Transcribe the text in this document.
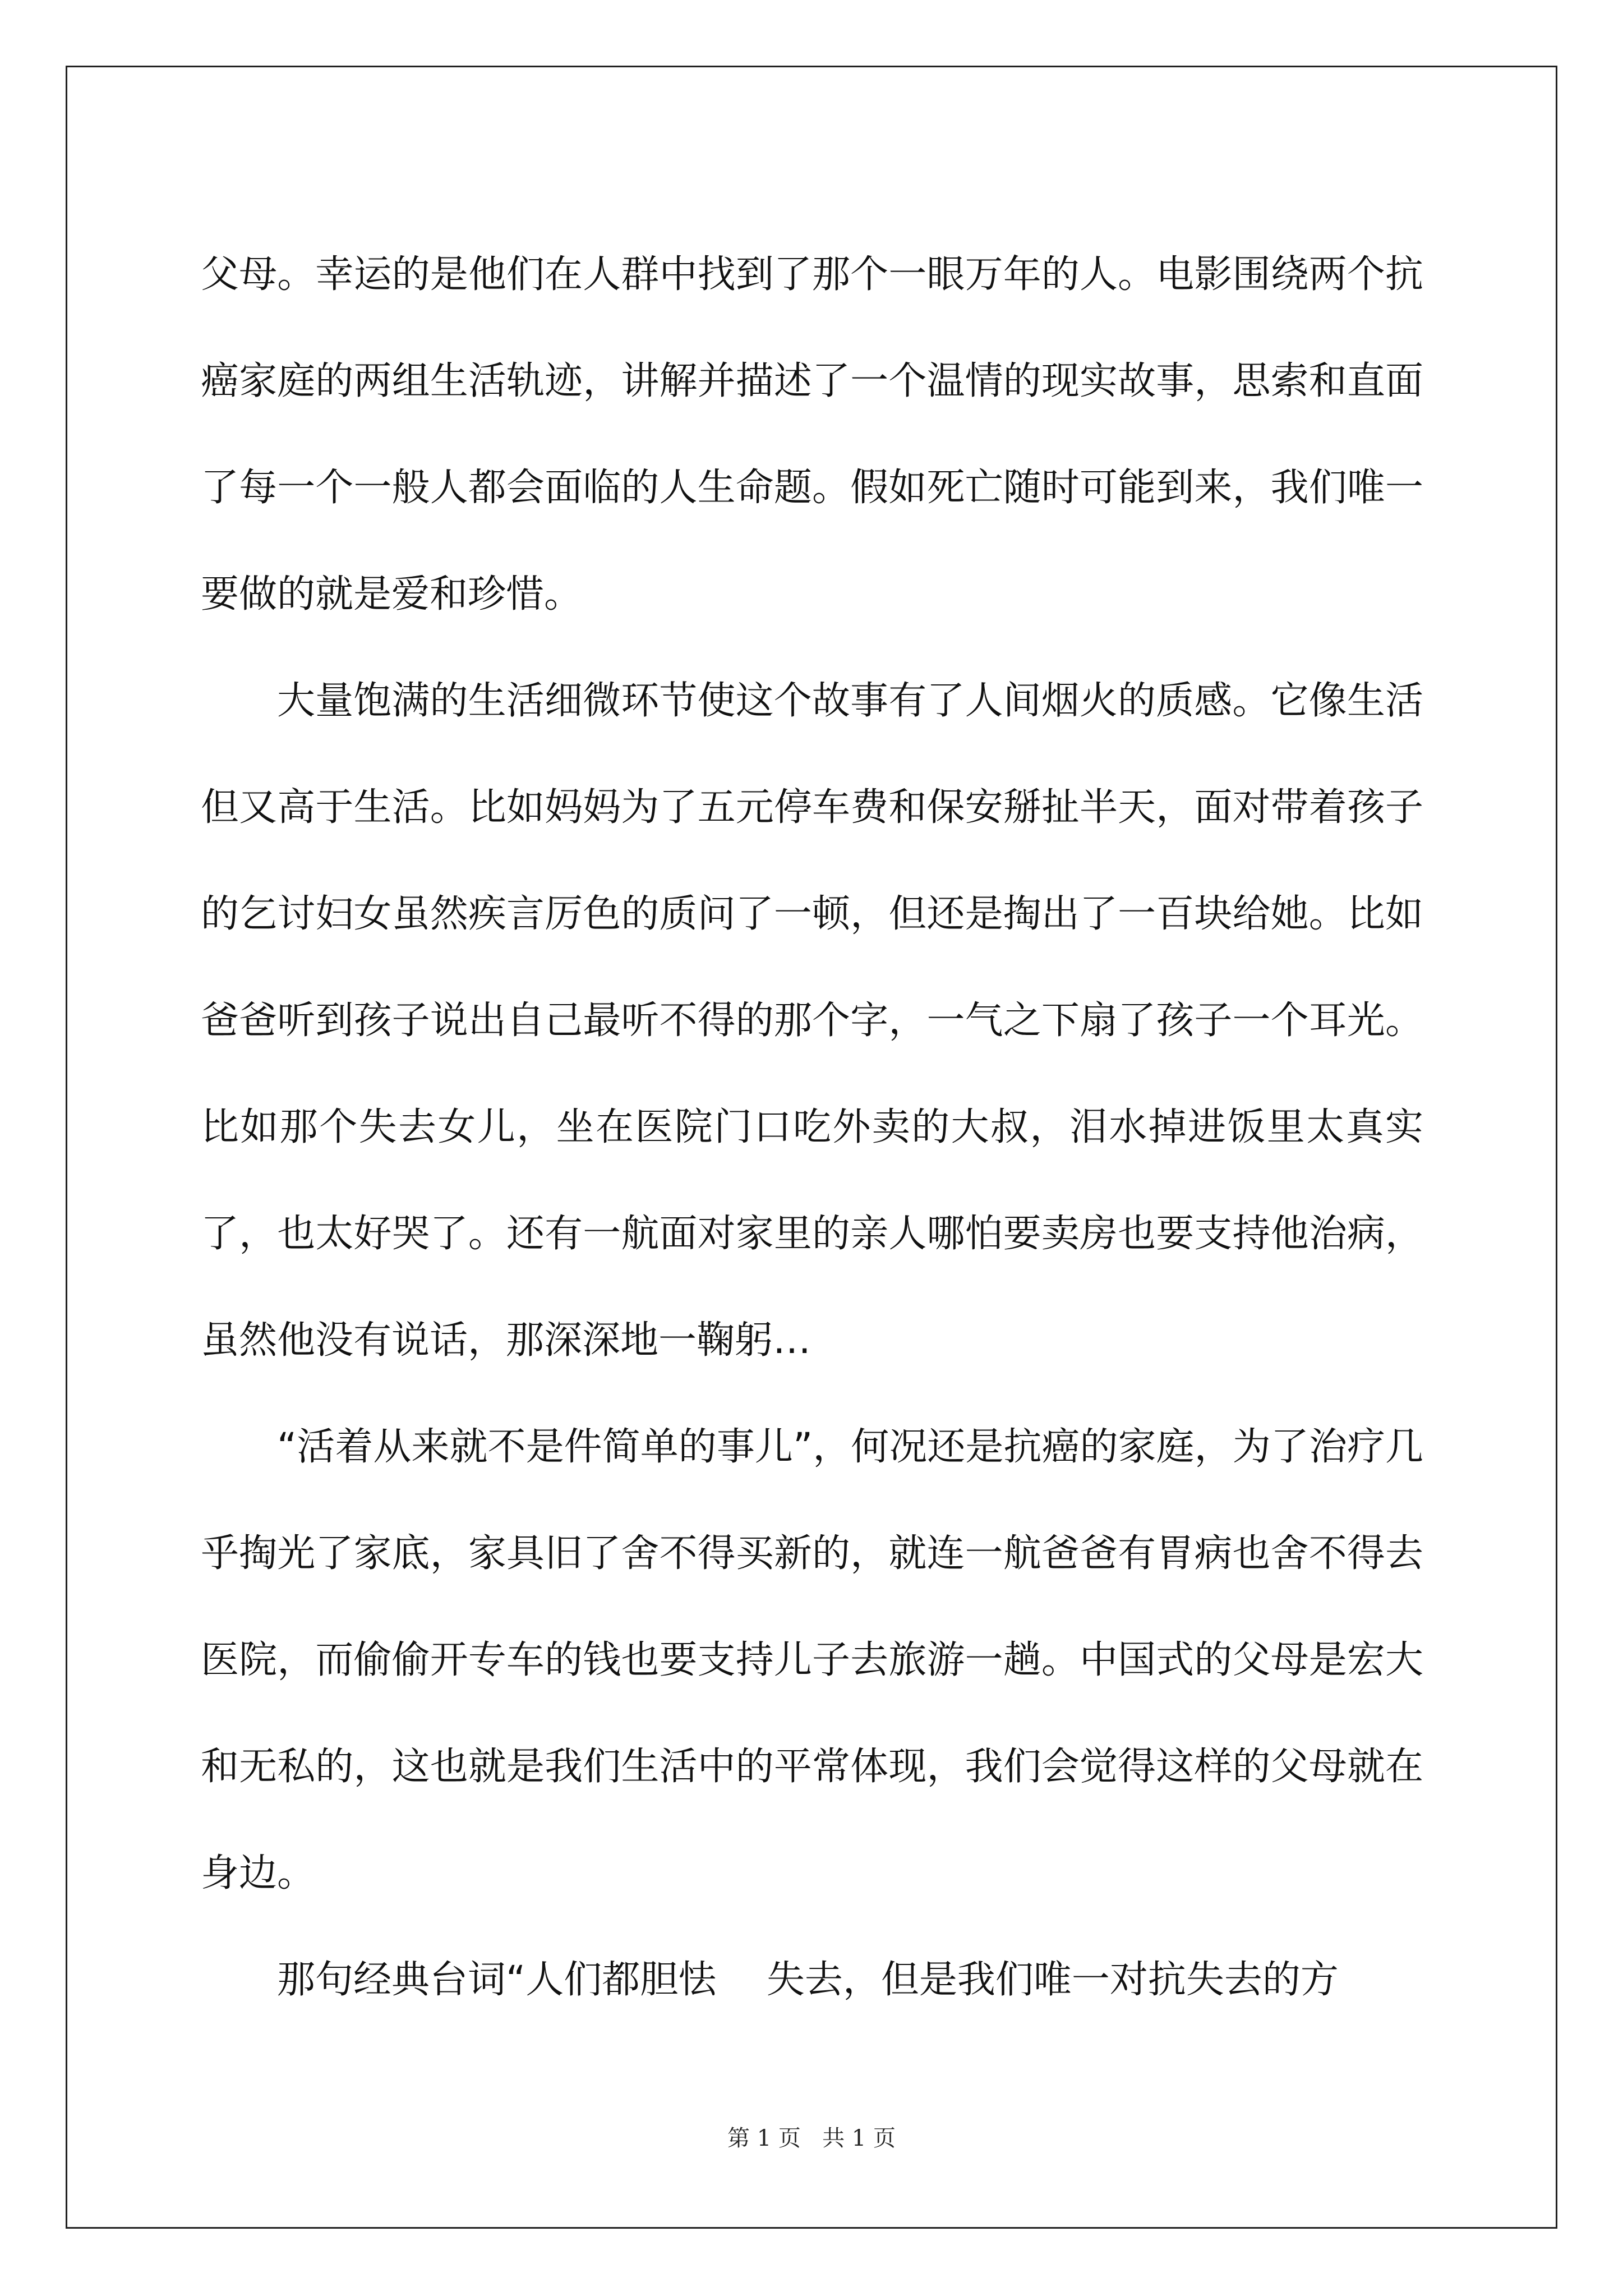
父母。幸运的是他们在人群中找到了那个一眼万年的人。电影围绕两个抗癌家庭的两组生活轨迹，讲解并描述了一个温情的现实故事，思索和直面了每一个一般人都会面临的人生命题。假如死亡随时可能到来，我们唯一要做的就是爱和珍惜。

大量饱满的生活细微环节使这个故事有了人间烟火的质感。它像生活但又高于生活。比如妈妈为了五元停车费和保安掰扯半天，面对带着孩子的乞讨妇女虽然疾言厉色的质问了一顿，但还是掏出了一百块给她。比如爸爸听到孩子说出自己最听不得的那个字，一气之下扇了孩子一个耳光。比如那个失去女儿，坐在医院门口吃外卖的大叔，泪水掉进饭里太真实了，也太好哭了。还有一航面对家里的亲人哪怕要卖房也要支持他治病，虽然他没有说话，那深深地一鞠躬…

“活着从来就不是件简单的事儿”，何况还是抗癌的家庭，为了治疗几乎掏光了家底，家具旧了舍不得买新的，就连一航爸爸有胃病也舍不得去医院，而偷偷开专车的钱也要支持儿子去旅游一趟。中国式的父母是宏大和无私的，这也就是我们生活中的平常体现，我们会觉得这样的父母就在身边。

那句经典台词“人们都胆怯　 失去，但是我们唯一对抗失去的方

第 1 页   共 1 页
